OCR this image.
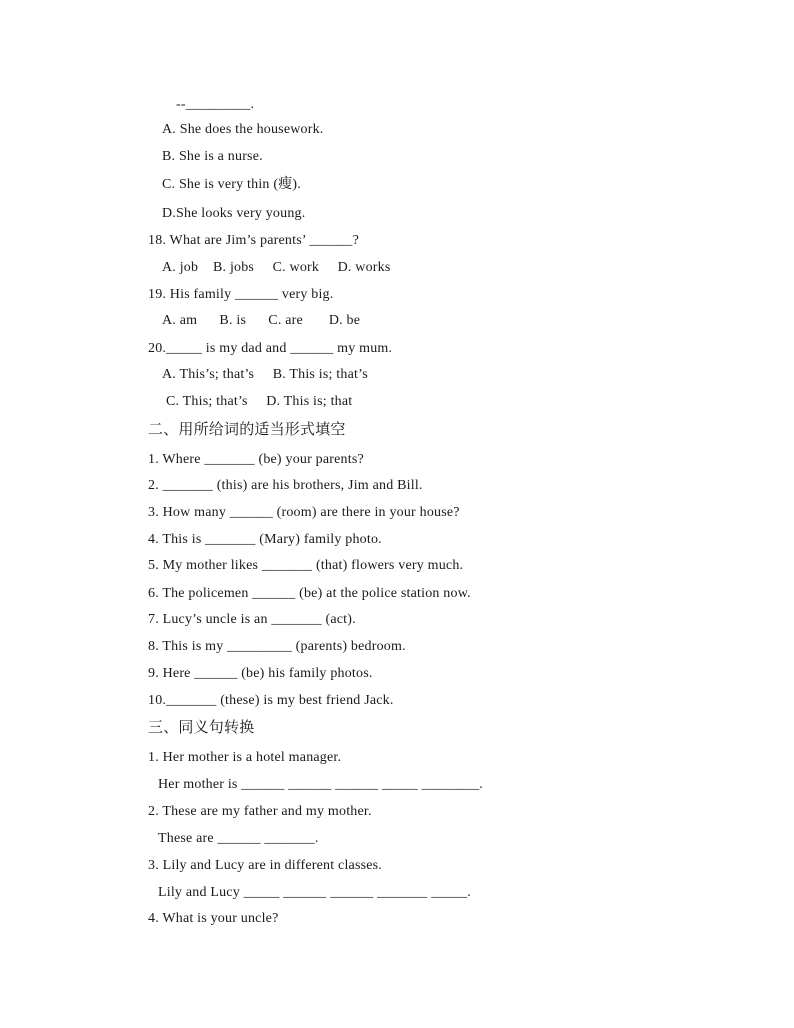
--_________.
A. She does the housework.
B. She is a nurse.
C. She is very thin (瘦).
D.She looks very young.
18. What are Jim’s parents’ ______?
A. job    B. jobs     C. work     D. works
19. His family ______ very big.
A. am      B. is      C. are       D. be
20._____ is my dad and ______ my mum.
A. This’s; that’s     B. This is; that’s
C. This; that’s     D. This is; that
二、用所给词的适当形式填空
1. Where _______ (be) your parents?
2. _______ (this) are his brothers, Jim and Bill.
3. How many ______ (room) are there in your house?
4. This is _______ (Mary) family photo.
5. My mother likes _______ (that) flowers very much.
6. The policemen ______ (be) at the police station now.
7. Lucy’s uncle is an _______ (act).
8. This is my _________ (parents) bedroom.
9. Here ______ (be) his family photos.
10._______ (these) is my best friend Jack.
三、同义句转换
1. Her mother is a hotel manager.
Her mother is ______ ______ ______ _____ ________.
2. These are my father and my mother.
These are ______ _______.
3. Lily and Lucy are in different classes.
Lily and Lucy _____ ______ ______ _______ _____.
4. What is your uncle?
